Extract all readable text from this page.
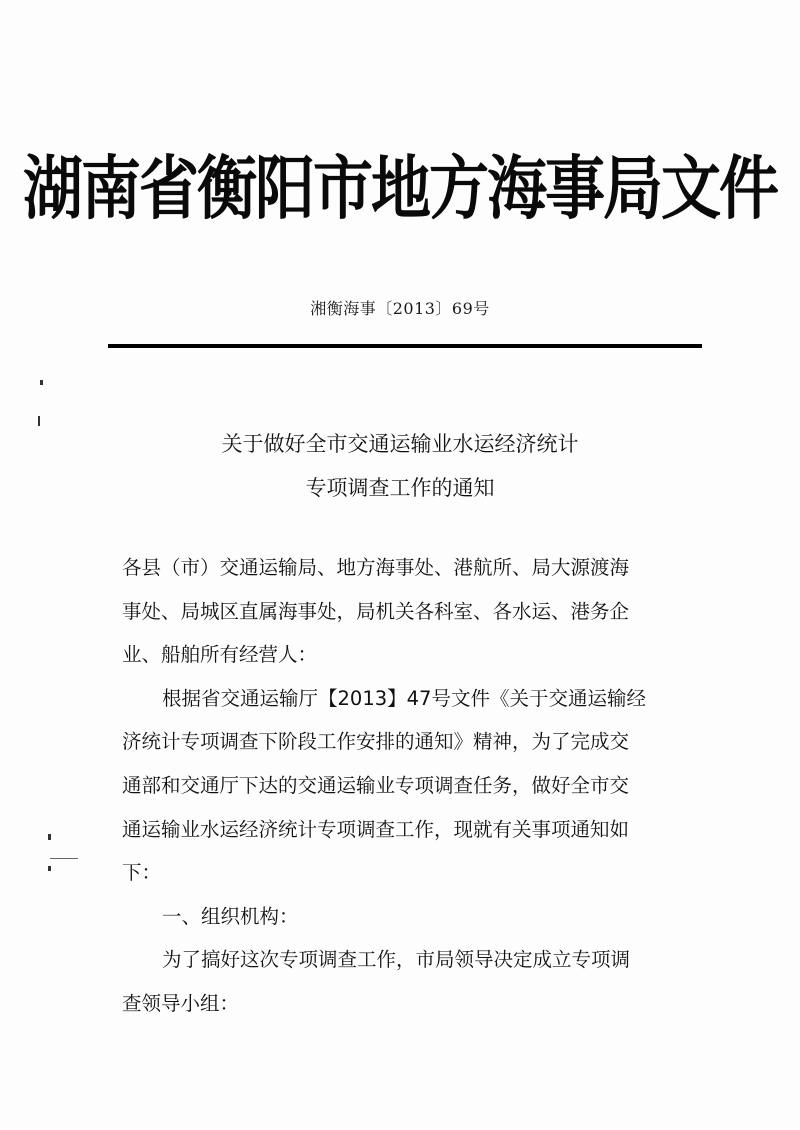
湖南省衡阳市地方海事局文件
湘衡海事〔2013〕69号
关于做好全市交通运输业水运经济统计
专项调查工作的通知
各县（市）交通运输局、地方海事处、港航所、局大源渡海
事处、局城区直属海事处，局机关各科室、各水运、港务企
业、船舶所有经营人：
根据省交通运输厅【2013】47号文件《关于交通运输经
济统计专项调查下阶段工作安排的通知》精神，为了完成交
通部和交通厅下达的交通运输业专项调查任务，做好全市交
通运输业水运经济统计专项调查工作，现就有关事项通知如
下：
一、组织机构：
为了搞好这次专项调查工作，市局领导决定成立专项调
查领导小组：
